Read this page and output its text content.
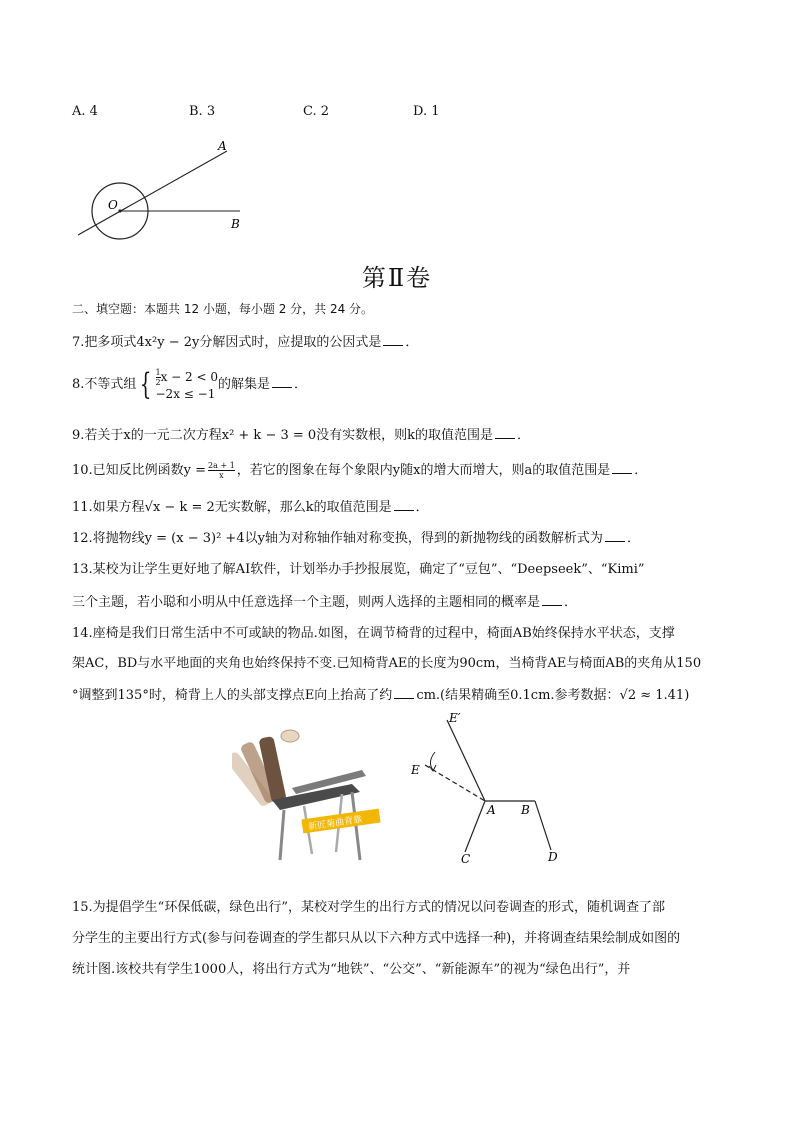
A. 4	B. 3	C. 2	D. 1
A
O
B
第Ⅱ卷
二、填空题：本题共 12 小题，每小题 2 分，共 24 分。
7.把多项式4x²y − 2y分解因式时，应提取的公因式是 ．
8.不等式组 { $\frac{1}{2}$ x − 2 < 0
−2x ≤ −1
的解集是 ．
9.若关于x的一元二次方程x² + k − 3 = 0没有实数根，则k的取值范围是 ．
10.已知反比例函数$y = \frac{2a + 1}{x}$ ，若它的图象在每个象限内y随x的增大而增大，则a的取值范围是 ．
11.如果方程√x − k = 2无实数解，那么k的取值范围是 ．
12.将抛物线y = (x − 3)² +4以y轴为对称轴作轴对称变换，得到的新抛物线的函数解析式为 ．
13.某校为让学生更好地了解AI软件，计划举办手抄报展览，确定了“豆包”、“Deepseek”、“Kimi”
三个主题，若小聪和小明从中任意选择一个主题，则两人选择的主题相同的概率是 ．
14.座椅是我们日常生活中不可或缺的物品.如图，在调节椅背的过程中，椅面AB始终保持水平状态，支撑
架AC，BD与水平地面的夹角也始终保持不变.已知椅背AE的长度为90cm，当椅背AE与椅面AB的夹角从150
°调整到135°时，椅背上人的头部支撑点E向上抬高了约 cm.(结果精确至0.1cm.参考数据：√2 ≈ 1.41)
新匠菊曲背靠
E′
E
A B
C	D
15.为提倡学生“环保低碳，绿色出行”，某校对学生的出行方式的情况以问卷调查的形式，随机调查了部
分学生的主要出行方式(参与问卷调查的学生都只从以下六种方式中选择一种)，并将调查结果绘制成如图的
统计图.该校共有学生1000人，将出行方式为“地铁”、“公交”、“新能源车”的视为“绿色出行”，并
